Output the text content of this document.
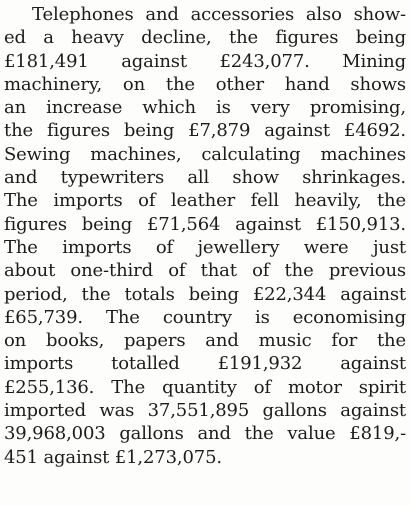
Telephones and accessories also show-
ed a heavy decline, the figures being
£181,491 against £243,077. Mining
machinery, on the other hand shows
an increase which is very promising,
the figures being £7,879 against £4692.
Sewing machines, calculating machines
and typewriters all show shrinkages.
The imports of leather fell heavily, the
figures being £71,564 against £150,913.
The imports of jewellery were just
about one-third of that of the previous
period, the totals being £22,344 against
£65,739. The country is economising
on books, papers and music for the
imports totalled £191,932 against
£255,136. The quantity of motor spirit
imported was 37,551,895 gallons against
39,968,003 gallons and the value £819,-
451 against £1,273,075.
